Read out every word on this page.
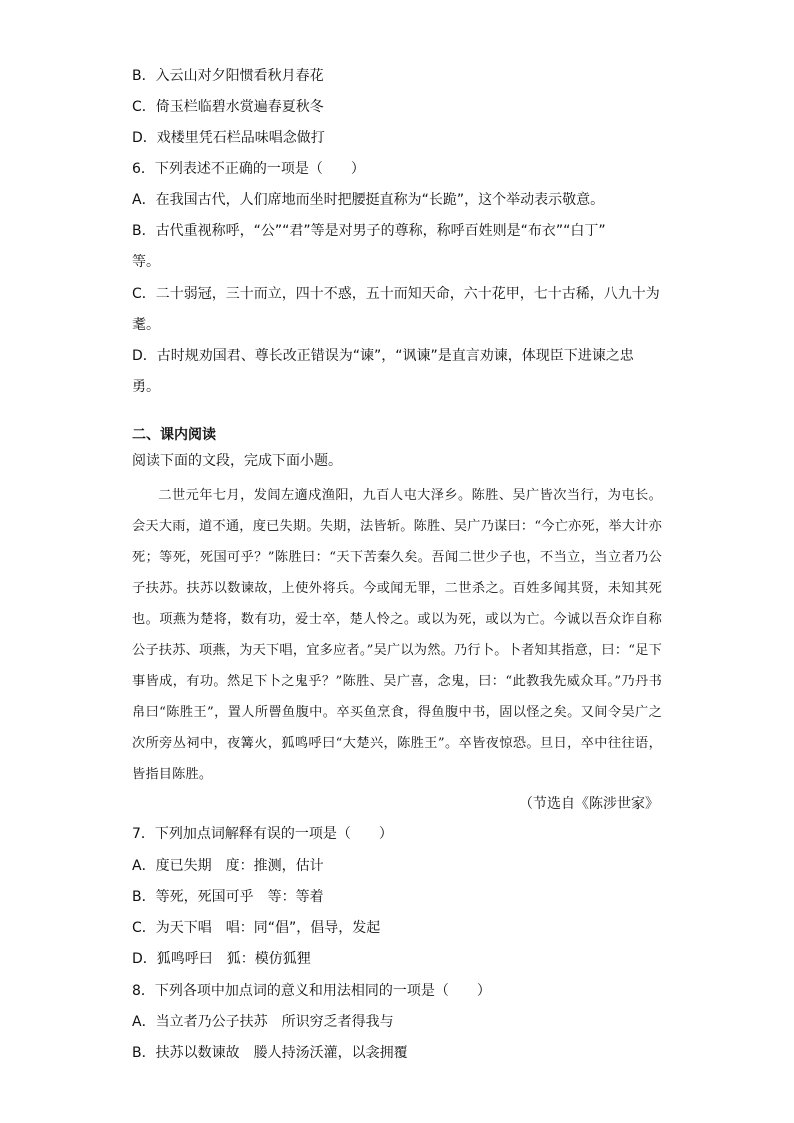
B．入云山对夕阳惯看秋月春花
C．倚玉栏临碧水赏遍春夏秋冬
D．戏楼里凭石栏品味唱念做打
6．下列表述不正确的一项是（　　）
A．在我国古代，人们席地而坐时把腰挺直称为“长跪”，这个举动表示敬意。
B．古代重视称呼，“公”“君”等是对男子的尊称，称呼百姓则是“布衣”“白丁”
等。
C．二十弱冠，三十而立，四十不惑，五十而知天命，六十花甲，七十古稀，八九十为
耄。
D．古时规劝国君、尊长改正错误为“谏”，“讽谏”是直言劝谏，体现臣下进谏之忠
勇。
二、课内阅读
阅读下面的文段，完成下面小题。
二世元年七月，发闾左適戍渔阳，九百人屯大泽乡。陈胜、吴广皆次当行，为屯长。会天大雨，道不通，度已失期。失期，法皆斩。陈胜、吴广乃谋曰：“今亡亦死，举大计亦死；等死，死国可乎？”陈胜曰：“天下苦秦久矣。吾闻二世少子也，不当立，当立者乃公子扶苏。扶苏以数谏故，上使外将兵。今或闻无罪，二世杀之。百姓多闻其贤，未知其死也。项燕为楚将，数有功，爱士卒，楚人怜之。或以为死，或以为亡。今诚以吾众诈自称公子扶苏、项燕，为天下唱，宜多应者。”吴广以为然。乃行卜。卜者知其指意，曰：“足下事皆成，有功。然足下卜之鬼乎？”陈胜、吴广喜，念鬼，曰：“此教我先威众耳。”乃丹书帛曰“陈胜王”，置人所罾鱼腹中。卒买鱼烹食，得鱼腹中书，固以怪之矣。又间令吴广之次所旁丛祠中，夜篝火，狐鸣呼曰“大楚兴，陈胜王”。卒皆夜惊恐。旦日，卒中往往语，皆指目陈胜。
（节选自《陈涉世家》
7．下列加点词解释有误的一项是（　　）
A．度已失期　度：推测，估计
B．等死，死国可乎　等：等着
C．为天下唱　唱：同“倡”，倡导，发起
D．狐鸣呼曰　狐：模仿狐狸
8．下列各项中加点词的意义和用法相同的一项是（　　）
A．当立者乃公子扶苏　所识穷乏者得我与
B．扶苏以数谏故　媵人持汤沃灌，以衾拥覆
